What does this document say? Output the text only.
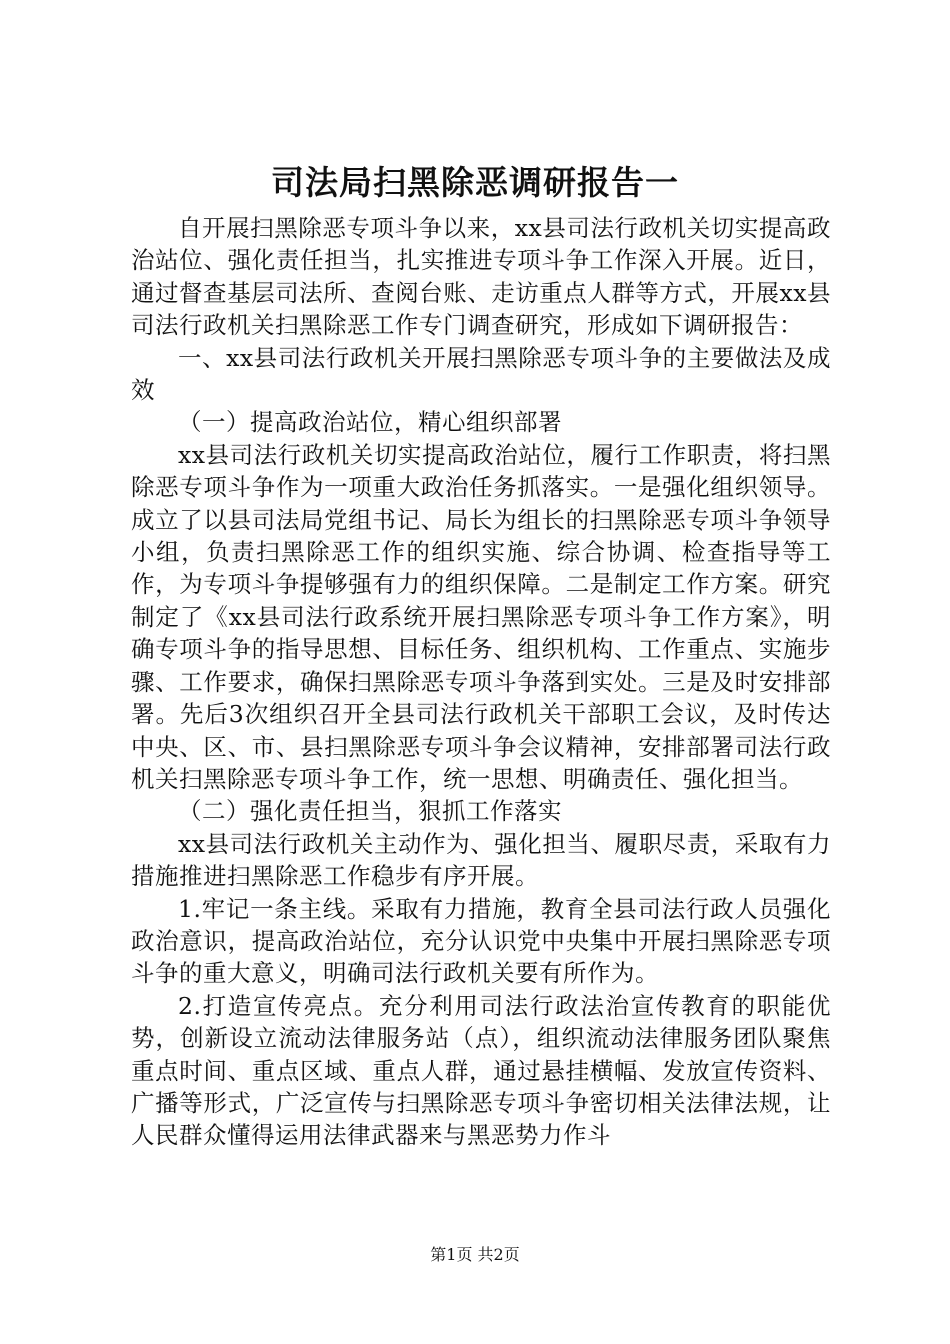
司法局扫黑除恶调研报告一

自开展扫黑除恶专项斗争以来，xx县司法行政机关切实提高政治站位、强化责任担当，扎实推进专项斗争工作深入开展。近日，通过督查基层司法所、查阅台账、走访重点人群等方式，开展xx县司法行政机关扫黑除恶工作专门调查研究，形成如下调研报告：

一、xx县司法行政机关开展扫黑除恶专项斗争的主要做法及成效

（一）提高政治站位，精心组织部署

xx县司法行政机关切实提高政治站位，履行工作职责，将扫黑除恶专项斗争作为一项重大政治任务抓落实。一是强化组织领导。成立了以县司法局党组书记、局长为组长的扫黑除恶专项斗争领导小组，负责扫黑除恶工作的组织实施、综合协调、检查指导等工作，为专项斗争提够强有力的组织保障。二是制定工作方案。研究制定了《xx县司法行政系统开展扫黑除恶专项斗争工作方案》，明确专项斗争的指导思想、目标任务、组织机构、工作重点、实施步骤、工作要求，确保扫黑除恶专项斗争落到实处。三是及时安排部署。先后3次组织召开全县司法行政机关干部职工会议，及时传达中央、区、市、县扫黑除恶专项斗争会议精神，安排部署司法行政机关扫黑除恶专项斗争工作，统一思想、明确责任、强化担当。

（二）强化责任担当，狠抓工作落实

xx县司法行政机关主动作为、强化担当、履职尽责，采取有力措施推进扫黑除恶工作稳步有序开展。

1.牢记一条主线。采取有力措施，教育全县司法行政人员强化政治意识，提高政治站位，充分认识党中央集中开展扫黑除恶专项斗争的重大意义，明确司法行政机关要有所作为。

2.打造宣传亮点。充分利用司法行政法治宣传教育的职能优势，创新设立流动法律服务站（点），组织流动法律服务团队聚焦重点时间、重点区域、重点人群，通过悬挂横幅、发放宣传资料、广播等形式，广泛宣传与扫黑除恶专项斗争密切相关法律法规，让人民群众懂得运用法律武器来与黑恶势力作斗

第1页 共2页
